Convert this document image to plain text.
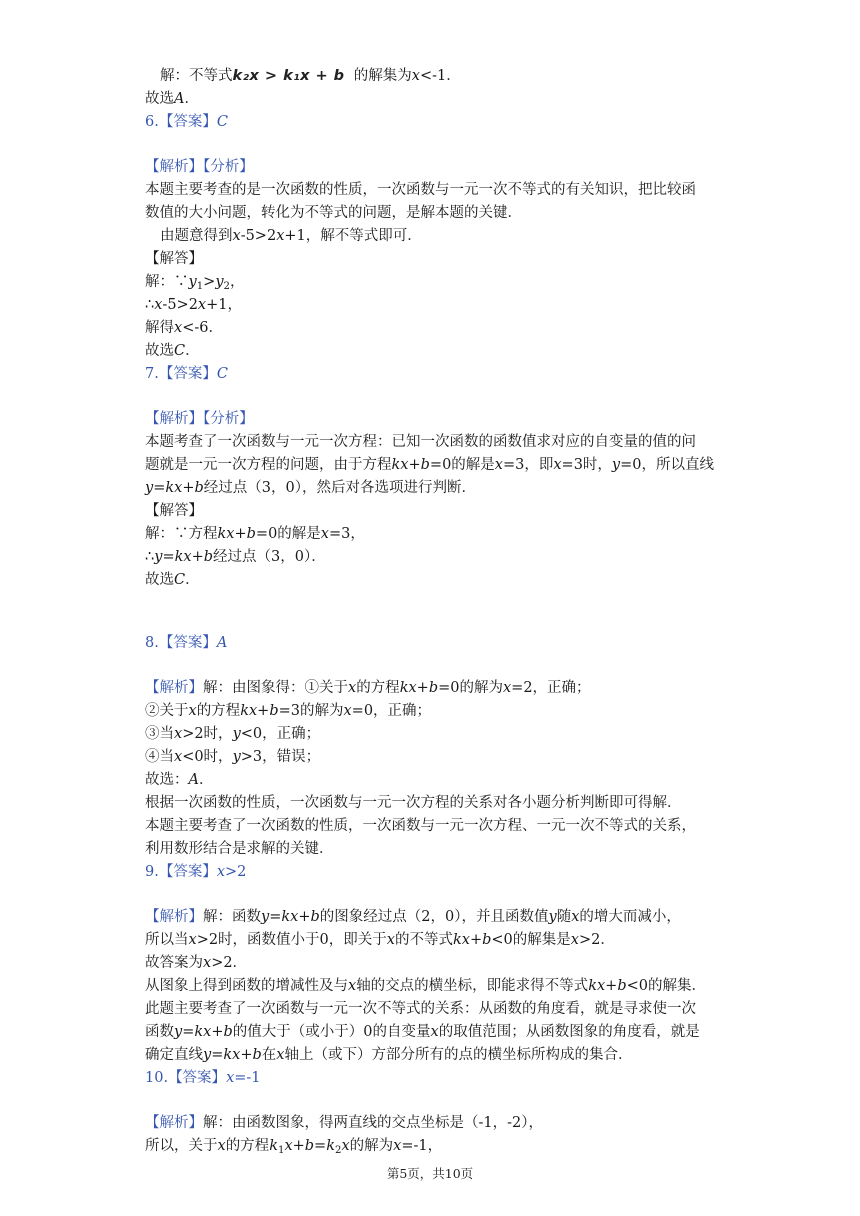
解：不等式k₂x > k₁x + b 的解集为x<-1．
故选A．
6.【答案】C
【解析】【分析】
本题主要考查的是一次函数的性质，一次函数与一元一次不等式的有关知识，把比较函
数值的大小问题，转化为不等式的问题，是解本题的关键．
由题意得到x-5>2x+1，解不等式即可．
【解答】
解：$\because y_1>y_2$，
∴x-5>2x+1，
解得x<-6．
故选C．
7.【答案】C
【解析】【分析】
本题考查了一次函数与一元一次方程：已知一次函数的函数值求对应的自变量的值的问
题就是一元一次方程的问题，由于方程kx+b=0的解是x=3，即x=3时，y=0，所以直线
y=kx+b经过点（3，0），然后对各选项进行判断．
【解答】
解：∵方程kx+b=0的解是x=3，
∴y=kx+b经过点（3，0）．
故选C．
8.【答案】A
【解析】解：由图象得：①关于x的方程kx+b=0的解为x=2，正确；
②关于x的方程kx+b=3的解为x=0，正确；
③当x>2时，y<0，正确；
④当x<0时，y>3，错误；
故选：A．
根据一次函数的性质，一次函数与一元一次方程的关系对各小题分析判断即可得解．
本题主要考查了一次函数的性质，一次函数与一元一次方程、一元一次不等式的关系，
利用数形结合是求解的关键．
9.【答案】x>2
【解析】解：函数y=kx+b的图象经过点（2，0），并且函数值y随x的增大而减小，
所以当x>2时，函数值小于0，即关于x的不等式kx+b<0的解集是x>2．
故答案为x>2．
从图象上得到函数的增减性及与x轴的交点的横坐标，即能求得不等式kx+b<0的解集．
此题主要考查了一次函数与一元一次不等式的关系：从函数的角度看，就是寻求使一次
函数y=kx+b的值大于（或小于）0的自变量x的取值范围；从函数图象的角度看，就是
确定直线y=kx+b在x轴上（或下）方部分所有的点的横坐标所构成的集合．
10.【答案】x=-1
【解析】解：由函数图象，得两直线的交点坐标是（-1，-2），
所以，关于x的方程$k_1x+b=k_2x$的解为x=-1，
第5页，共10页
